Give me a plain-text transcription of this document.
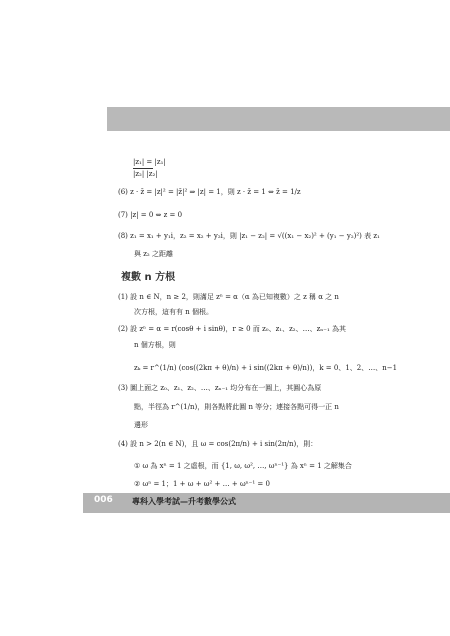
|z₁| = |z₁|
|z₂| |z₂|
(6) z · z̄ = |z|² = |z̄|² ⇒ |z| = 1，則 z · z̄ = 1 ⇔ z̄ = 1/z
(7) |z| = 0 ⇔ z = 0
(8) z₁ = x₁ + y₁i，z₂ = x₂ + y₂i，則 |z₁ − z₂| = √((x₁ − x₂)² + (y₁ − y₂)²) 表 z₁
與 z₂ 之距離
複數 n 方根
(1) 設 n ∈ N，n ≥ 2，則滿足 zⁿ = α（α 為已知複數）之 z 稱 α 之 n
次方根，這有有 n 個根。
(2) 設 zⁿ = α = r(cosθ + i sinθ)，r ≥ 0 而 z₀、z₁、z₂、…、zₙ₋₁ 為其
n 個方根，則
zₖ = r^(1/n) (cos((2kπ + θ)/n) + i sin((2kπ + θ)/n))，k = 0、1、2、…、n−1
(3) 圖上面之 z₀、z₁、z₂、…、zₙ₋₁ 均分布在一圓上，其圓心為原
點，半徑為 r^(1/n)，則各點將此圓 n 等分；連接各點可得一正 n
邊形
(4) 設 n > 2(n ∈ N)，且 ω = cos(2π/n) + i sin(2π/n)，則：
① ω 為 xⁿ = 1 之虛根，而 {1, ω, ω², …, ωⁿ⁻¹} 為 xⁿ = 1 之解集合
② ωⁿ = 1；1 + ω + ω² + … + ωⁿ⁻¹ = 0
006 專科入學考試—升考數學公式
